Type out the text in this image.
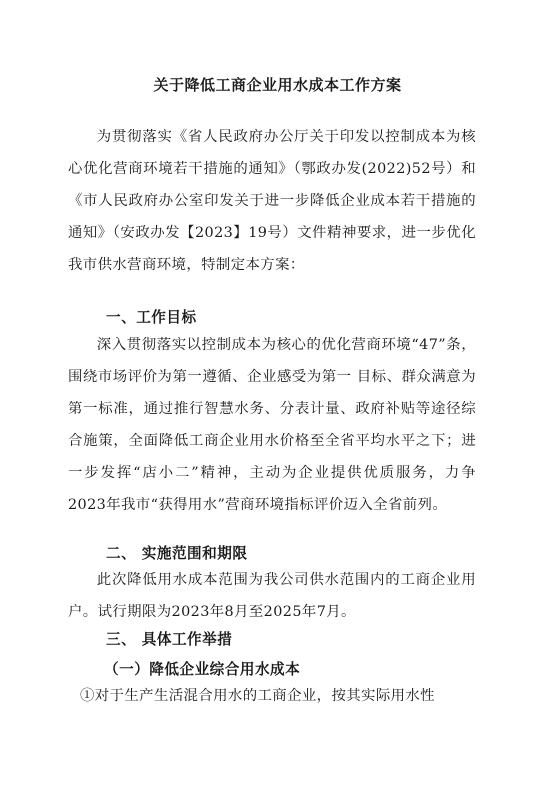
关于降低工商企业用水成本工作方案

为贯彻落实《省人民政府办公厅关于印发以控制成本为核心优化营商环境若干措施的通知》（鄂政办发(2022)52号）和《市人民政府办公室印发关于进一步降低企业成本若干措施的通知》（安政办发【2023】19号）文件精神要求，进一步优化我市供水营商环境，特制定本方案：

一、工作目标

深入贯彻落实以控制成本为核心的优化营商环境“47”条，围绕市场评价为第一遵循、企业感受为第一 目标、群众满意为第一标准，通过推行智慧水务、分表计量、政府补贴等途径综合施策，全面降低工商企业用水价格至全省平均水平之下；进一步发挥“店小二”精神，主动为企业提供优质服务，力争2023年我市“获得用水”营商环境指标评价迈入全省前列。

二、 实施范围和期限

此次降低用水成本范围为我公司供水范围内的工商企业用户。试行期限为2023年8月至2025年7月。

三、 具体工作举措
（一）降低企业综合用水成本

①对于生产生活混合用水的工商企业，按其实际用水性
